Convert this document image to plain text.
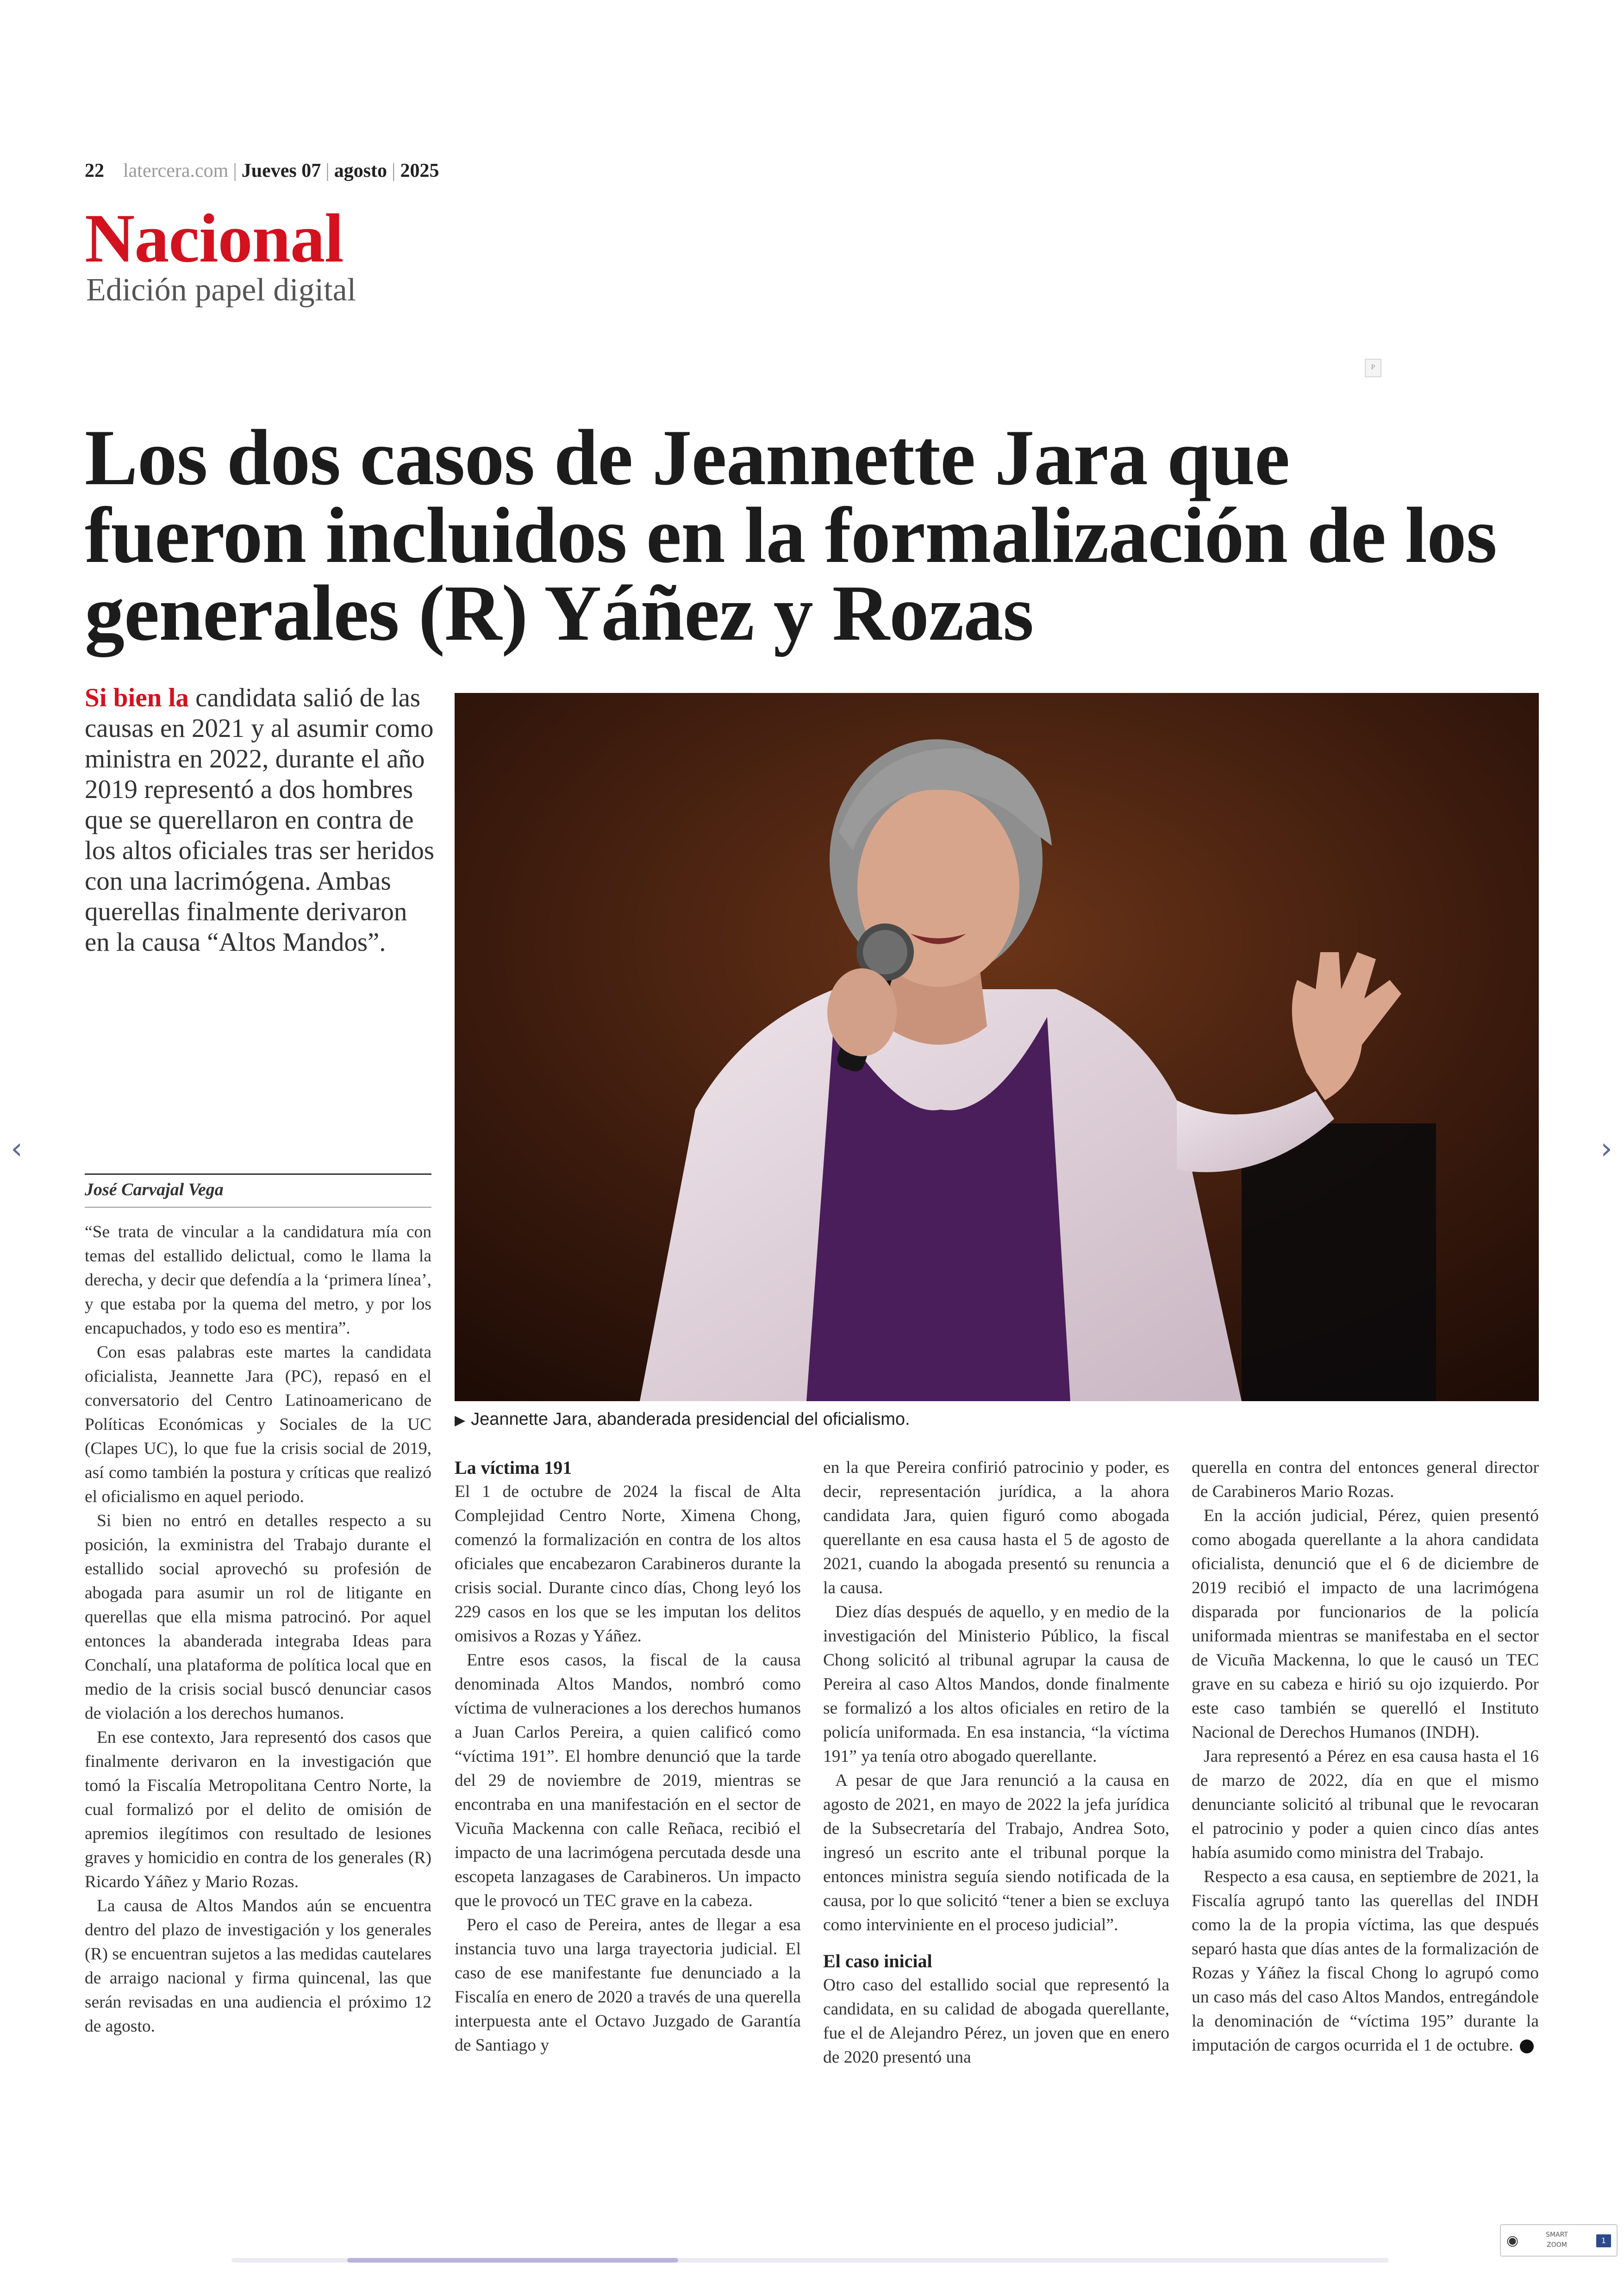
22 latercera.com | Jueves 07 | agosto | 2025
Nacional
Edición papel digital
P
Los dos casos de Jeannette Jara que fueron incluidos en la formalización de los generales (R) Yáñez y Rozas

Si bien la candidata salió de las causas en 2021 y al asumir como ministra en 2022, durante el año 2019 representó a dos hombres que se querellaron en contra de los altos oficiales tras ser heridos con una lacrimógena. Ambas querellas finalmente derivaron en la causa “Altos Mandos”.

▶ Jeannette Jara, abanderada presidencial del oficialismo.
José Carvajal Vega

“Se trata de vincular a la candidatura mía con temas del estallido delictual, como le llama la derecha, y decir que defendía a la ‘primera línea’, y que estaba por la quema del metro, y por los encapuchados, y todo eso es mentira”.

Con esas palabras este martes la candidata oficialista, Jeannette Jara (PC), repasó en el conversatorio del Centro Latinoamericano de Políticas Económicas y Sociales de la UC (Clapes UC), lo que fue la crisis social de 2019, así como también la postura y críticas que realizó el oficialismo en aquel periodo.

Si bien no entró en detalles respecto a su posición, la exministra del Trabajo durante el estallido social aprovechó su profesión de abogada para asumir un rol de litigante en querellas que ella misma patrocinó. Por aquel entonces la abanderada integraba Ideas para Conchalí, una plataforma de política local que en medio de la crisis social buscó denunciar casos de violación a los derechos humanos.

En ese contexto, Jara representó dos casos que finalmente derivaron en la investigación que tomó la Fiscalía Metropolitana Centro Norte, la cual formalizó por el delito de omisión de apremios ilegítimos con resultado de lesiones graves y homicidio en contra de los generales (R) Ricardo Yáñez y Mario Rozas.

La causa de Altos Mandos aún se encuentra dentro del plazo de investigación y los generales (R) se encuentran sujetos a las medidas cautelares de arraigo nacional y firma quincenal, las que serán revisadas en una audiencia el próximo 12 de agosto.

La víctima 191

El 1 de octubre de 2024 la fiscal de Alta Complejidad Centro Norte, Ximena Chong, comenzó la formalización en contra de los altos oficiales que encabezaron Carabineros durante la crisis social. Durante cinco días, Chong leyó los 229 casos en los que se les imputan los delitos omisivos a Rozas y Yáñez.

Entre esos casos, la fiscal de la causa denominada Altos Mandos, nombró como víctima de vulneraciones a los derechos humanos a Juan Carlos Pereira, a quien calificó como “víctima 191”. El hombre denunció que la tarde del 29 de noviembre de 2019, mientras se encontraba en una manifestación en el sector de Vicuña Mackenna con calle Reñaca, recibió el impacto de una lacrimógena percutada desde una escopeta lanzagases de Carabineros. Un impacto que le provocó un TEC grave en la cabeza.

Pero el caso de Pereira, antes de llegar a esa instancia tuvo una larga trayectoria judicial. El caso de ese manifestante fue denunciado a la Fiscalía en enero de 2020 a través de una querella interpuesta ante el Octavo Juzgado de Garantía de Santiago y

en la que Pereira confirió patrocinio y poder, es decir, representación jurídica, a la ahora candidata Jara, quien figuró como abogada querellante en esa causa hasta el 5 de agosto de 2021, cuando la abogada presentó su renuncia a la causa.

Diez días después de aquello, y en medio de la investigación del Ministerio Público, la fiscal Chong solicitó al tribunal agrupar la causa de Pereira al caso Altos Mandos, donde finalmente se formalizó a los altos oficiales en retiro de la policía uniformada. En esa instancia, “la víctima 191” ya tenía otro abogado querellante.

A pesar de que Jara renunció a la causa en agosto de 2021, en mayo de 2022 la jefa jurídica de la Subsecretaría del Trabajo, Andrea Soto, ingresó un escrito ante el tribunal porque la entonces ministra seguía siendo notificada de la causa, por lo que solicitó “tener a bien se excluya como interviniente en el proceso judicial”.

El caso inicial

Otro caso del estallido social que representó la candidata, en su calidad de abogada querellante, fue el de Alejandro Pérez, un joven que en enero de 2020 presentó una

querella en contra del entonces general director de Carabineros Mario Rozas.

En la acción judicial, Pérez, quien presentó como abogada querellante a la ahora candidata oficialista, denunció que el 6 de diciembre de 2019 recibió el impacto de una lacrimógena disparada por funcionarios de la policía uniformada mientras se manifestaba en el sector de Vicuña Mackenna, lo que le causó un TEC grave en su cabeza e hirió su ojo izquierdo. Por este caso también se querelló el Instituto Nacional de Derechos Humanos (INDH).

Jara representó a Pérez en esa causa hasta el 16 de marzo de 2022, día en que el mismo denunciante solicitó al tribunal que le revocaran el patrocinio y poder a quien cinco días antes había asumido como ministra del Trabajo.

Respecto a esa causa, en septiembre de 2021, la Fiscalía agrupó tanto las querellas del INDH como la de la propia víctima, las que después separó hasta que días antes de la formalización de Rozas y Yáñez la fiscal Chong lo agrupó como un caso más del caso Altos Mandos, entregándole la denominación de “víctima 195” durante la imputación de cargos ocurrida el 1 de octubre.

‹	›
◉	SMART
ZOOM	1
